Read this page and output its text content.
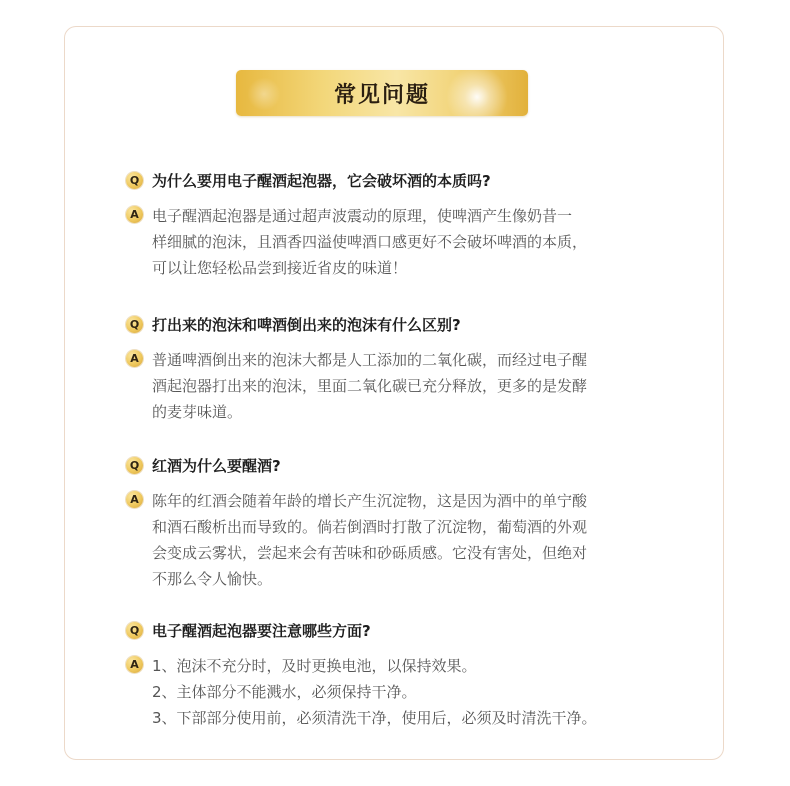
常见问题
Q 为什么要用电子醒酒起泡器，它会破坏酒的本质吗?
A 电子醒酒起泡器是通过超声波震动的原理，使啤酒产生像奶昔一
样细腻的泡沫，且酒香四溢使啤酒口感更好不会破坏啤酒的本质，
可以让您轻松品尝到接近省皮的味道！
Q 打出来的泡沫和啤酒倒出来的泡沫有什么区别?
A 普通啤酒倒出来的泡沫大都是人工添加的二氧化碳，而经过电子醒
酒起泡器打出来的泡沫，里面二氧化碳已充分释放，更多的是发酵
的麦芽味道。
Q 红酒为什么要醒酒?
A 陈年的红酒会随着年龄的增长产生沉淀物，这是因为酒中的单宁酸
和酒石酸析出而导致的。倘若倒酒时打散了沉淀物，葡萄酒的外观
会变成云雾状，尝起来会有苦味和砂砾质感。它没有害处，但绝对
不那么令人愉快。
Q 电子醒酒起泡器要注意哪些方面?
A 1、泡沫不充分时，及时更换电池，以保持效果。
2、主体部分不能溅水，必须保持干净。
3、下部部分使用前，必须清洗干净，使用后，必须及时清洗干净。
